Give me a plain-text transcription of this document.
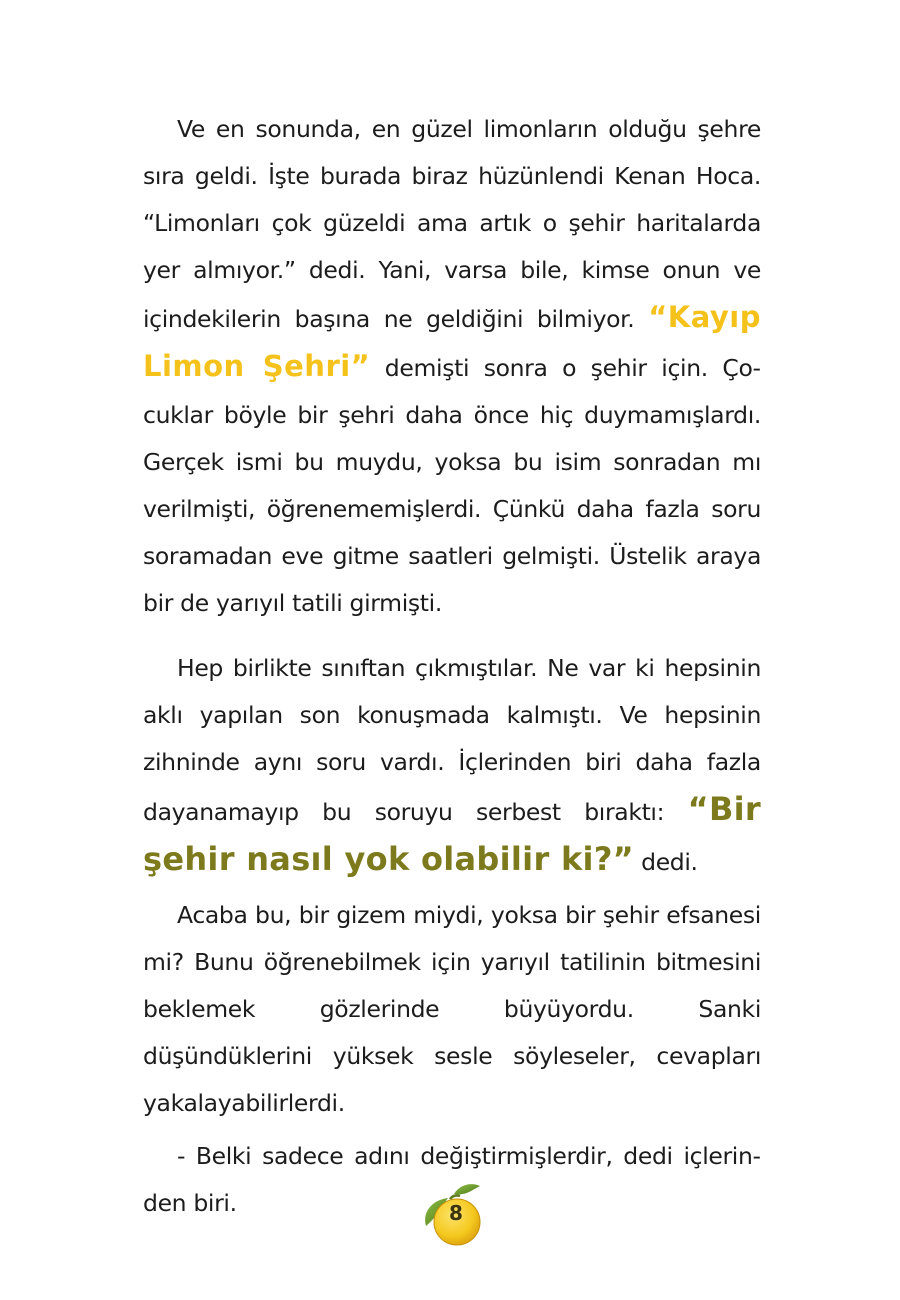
Ve en sonunda, en güzel limonların olduğu şehre sıra geldi. İşte burada biraz hüzünlendi Kenan Hoca. “Limonları çok güzeldi ama artık o şehir haritalarda yer almıyor.” dedi. Yani, varsa bile, kimse onun ve içindekilerin başına ne geldiğini bilmiyor. “Kayıp Limon Şehri” demişti sonra o şehir için. Çocuklar böyle bir şehri daha önce hiç duymamışlardı. Gerçek ismi bu muydu, yoksa bu isim sonradan mı verilmişti, öğrenememişlerdi. Çünkü daha fazla soru soramadan eve gitme saatleri gelmişti. Üstelik araya bir de yarıyıl tatili girmişti.

Hep birlikte sınıftan çıkmıştılar. Ne var ki hepsinin aklı yapılan son konuşmada kalmıştı. Ve hepsinin zihninde aynı soru vardı. İçlerinden biri daha fazla dayanamayıp bu soruyu serbest bıraktı: “Bir şehir nasıl yok olabilir ki?” dedi.

Acaba bu, bir gizem miydi, yoksa bir şehir efsanesi mi? Bunu öğrenebilmek için yarıyıl tatilinin bitmesini beklemek gözlerinde büyüyordu. Sanki düşündüklerini yüksek sesle söyleseler, cevapları yakalayabilirlerdi.

- Belki sadece adını değiştirmişlerdir, dedi içlerinden biri.	8
